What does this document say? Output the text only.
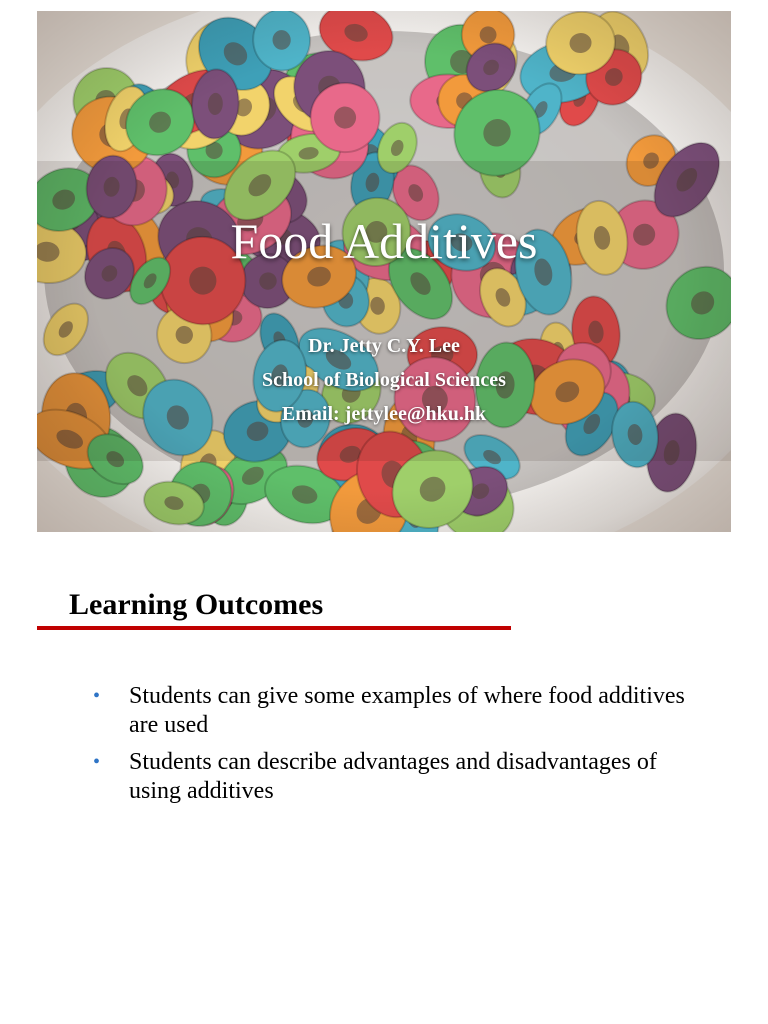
Food Additives
Dr. Jetty C.Y. Lee
School of Biological Sciences
Email: jettylee@hku.hk
Learning Outcomes
• Students can give some examples of where food additives are used
• Students can describe advantages and disadvantages of using additives
